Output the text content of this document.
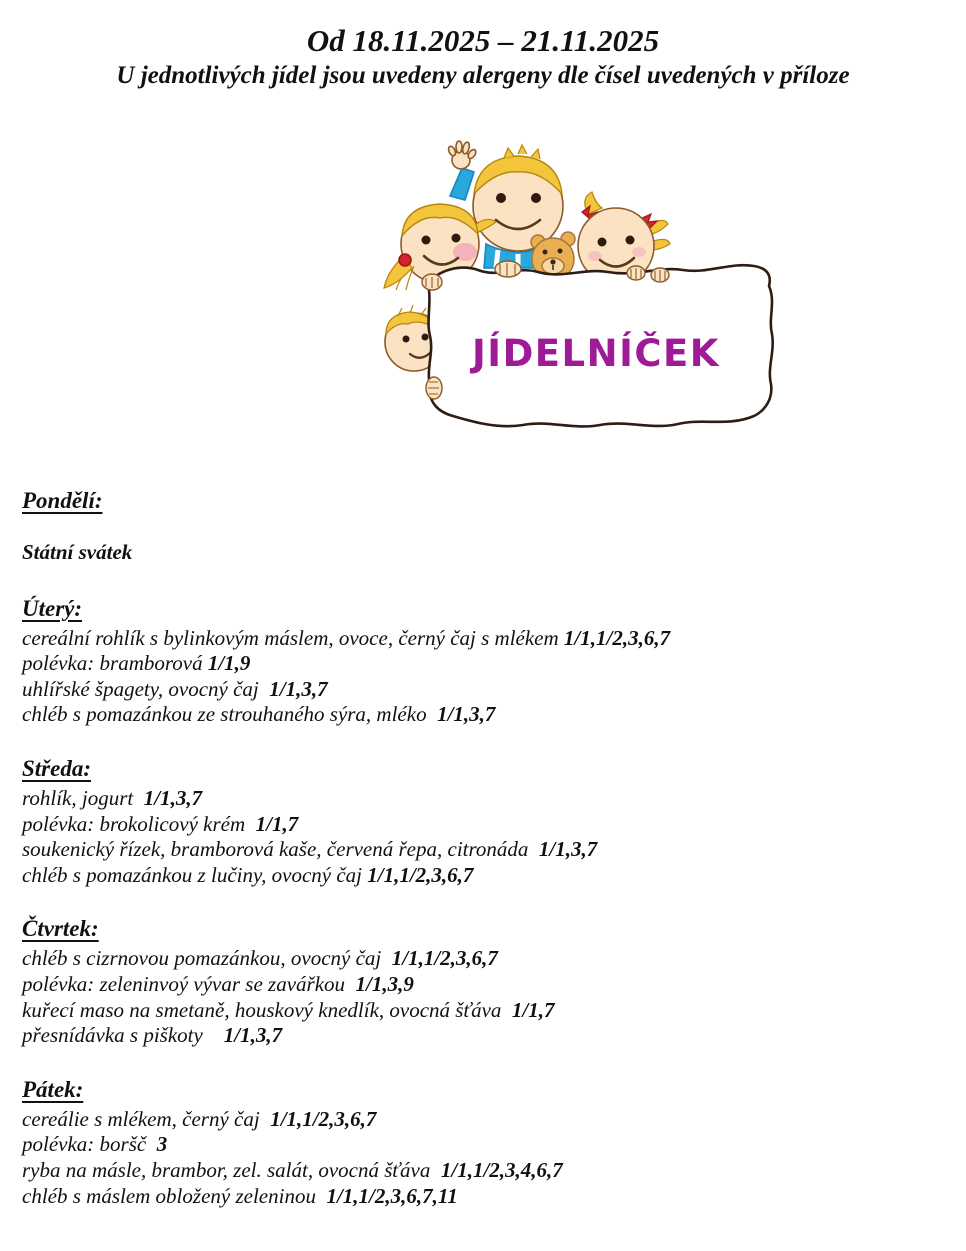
Od 18.11.2025 – 21.11.2025
U jednotlivých jídel jsou uvedeny alergeny dle čísel uvedených v příloze
JÍDELNÍČEK
Pondělí:

Státní svátek

Úterý:

cereální rohlík s bylinkovým máslem, ovoce, černý čaj s mlékem 1/1,1/2,3,6,7

polévka: bramborová 1/1,9

uhlířské špagety, ovocný čaj  1/1,3,7

chléb s pomazánkou ze strouhaného sýra, mléko  1/1,3,7

Středa:

rohlík, jogurt  1/1,3,7

polévka: brokolicový krém  1/1,7

soukenický řízek, bramborová kaše, červená řepa, citronáda  1/1,3,7

chléb s pomazánkou z lučiny, ovocný čaj 1/1,1/2,3,6,7

Čtvrtek:

chléb s cizrnovou pomazánkou, ovocný čaj  1/1,1/2,3,6,7

polévka: zeleninvoý vývar se zavářkou  1/1,3,9

kuřecí maso na smetaně, houskový knedlík, ovocná šťáva  1/1,7

přesnídávka s piškoty    1/1,3,7

Pátek:

cereálie s mlékem, černý čaj  1/1,1/2,3,6,7

polévka: boršč  3

ryba na másle, brambor, zel. salát, ovocná šťáva  1/1,1/2,3,4,6,7

chléb s máslem obložený zeleninou  1/1,1/2,3,6,7,11
